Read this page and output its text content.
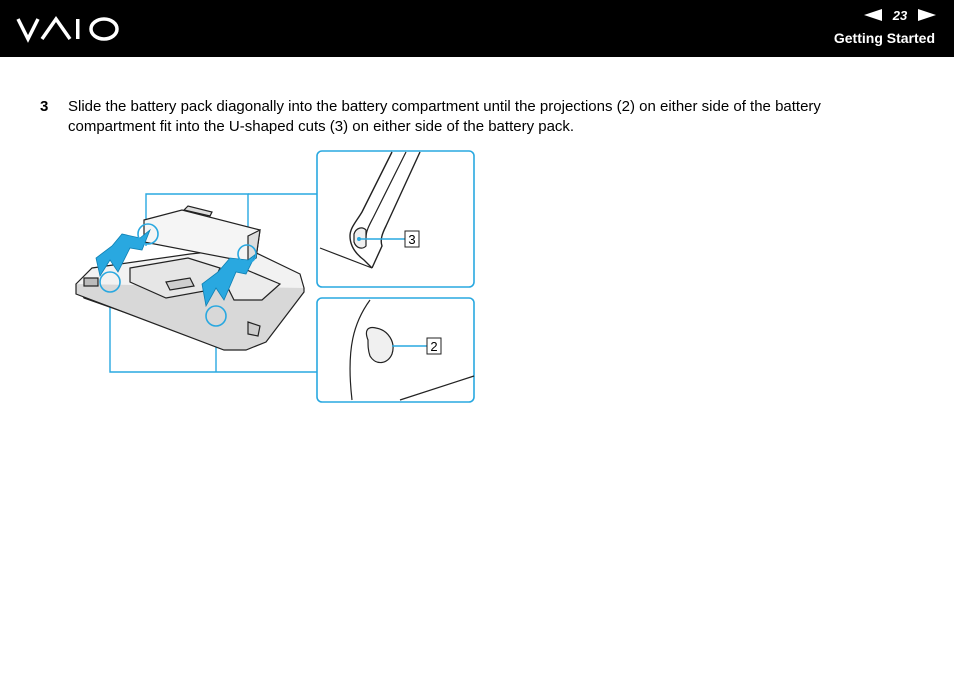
23
Getting Started
3	Slide the battery pack diagonally into the battery compartment until the projections (2) on either side of the battery compartment fit into the U-shaped cuts (3) on either side of the battery pack.
3
2
